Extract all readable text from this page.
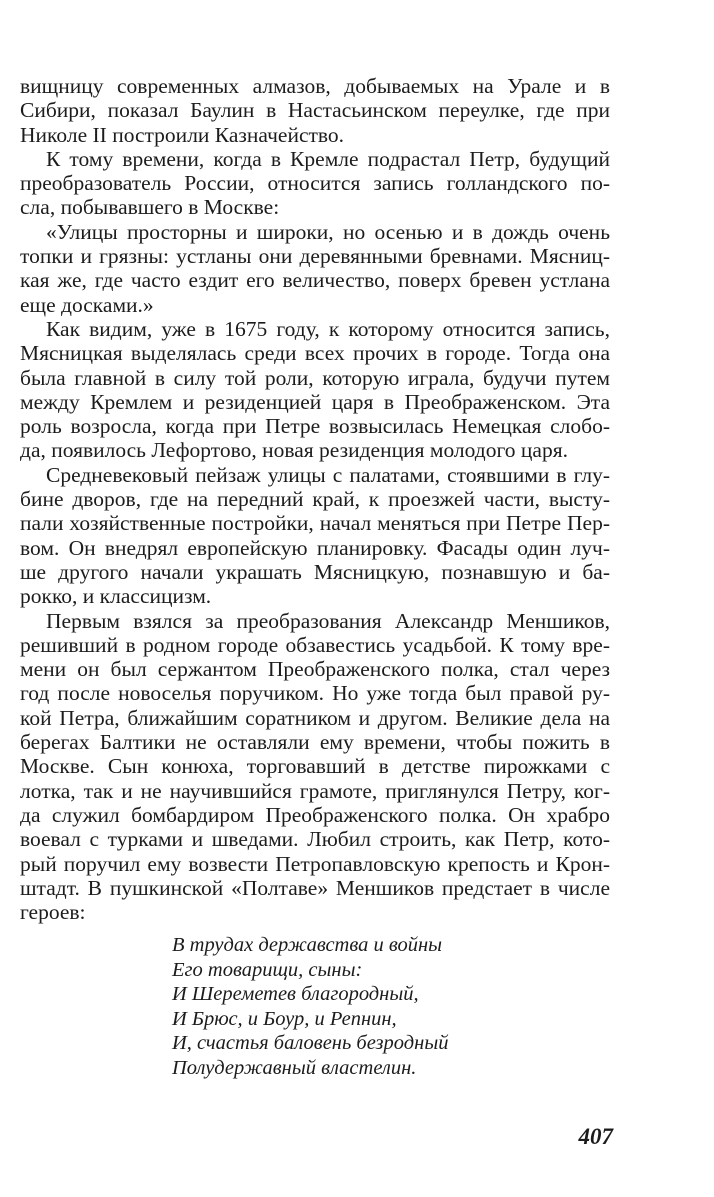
вищницу современных алмазов, добываемых на Урале и в
Сибири, показал Баулин в Настасьинском переулке, где при
Николе II построили Казначейство.
К тому времени, когда в Кремле подрастал Петр, будущий
преобразователь России, относится запись голландского по-
сла, побывавшего в Москве:
«Улицы просторны и широки, но осенью и в дождь очень
топки и грязны: устланы они деревянными бревнами. Мясниц-
кая же, где часто ездит его величество, поверх бревен устлана
еще досками.»
Как видим, уже в 1675 году, к которому относится запись,
Мясницкая выделялась среди всех прочих в городе. Тогда она
была главной в силу той роли, которую играла, будучи путем
между Кремлем и резиденцией царя в Преображенском. Эта
роль возросла, когда при Петре возвысилась Немецкая слобо-
да, появилось Лефортово, новая резиденция молодого царя.
Средневековый пейзаж улицы с палатами, стоявшими в глу-
бине дворов, где на передний край, к проезжей части, высту-
пали хозяйственные постройки, начал меняться при Петре Пер-
вом. Он внедрял европейскую планировку. Фасады один луч-
ше другого начали украшать Мясницкую, познавшую и ба-
рокко, и классицизм.
Первым взялся за преобразования Александр Меншиков,
решивший в родном городе обзавестись усадьбой. К тому вре-
мени он был сержантом Преображенского полка, стал через
год после новоселья поручиком. Но уже тогда был правой ру-
кой Петра, ближайшим соратником и другом. Великие дела на
берегах Балтики не оставляли ему времени, чтобы пожить в
Москве. Сын конюха, торговавший в детстве пирожками с
лотка, так и не научившийся грамоте, приглянулся Петру, ког-
да служил бомбардиром Преображенского полка. Он храбро
воевал с турками и шведами. Любил строить, как Петр, кото-
рый поручил ему возвести Петропавловскую крепость и Крон-
штадт. В пушкинской «Полтаве» Меншиков предстает в числе
героев:
В трудах державства и войны
Его товарищи, сыны:
И Шереметев благородный,
И Брюс, и Боур, и Репнин,
И, счастья баловень безродный
Полудержавный властелин.
407
